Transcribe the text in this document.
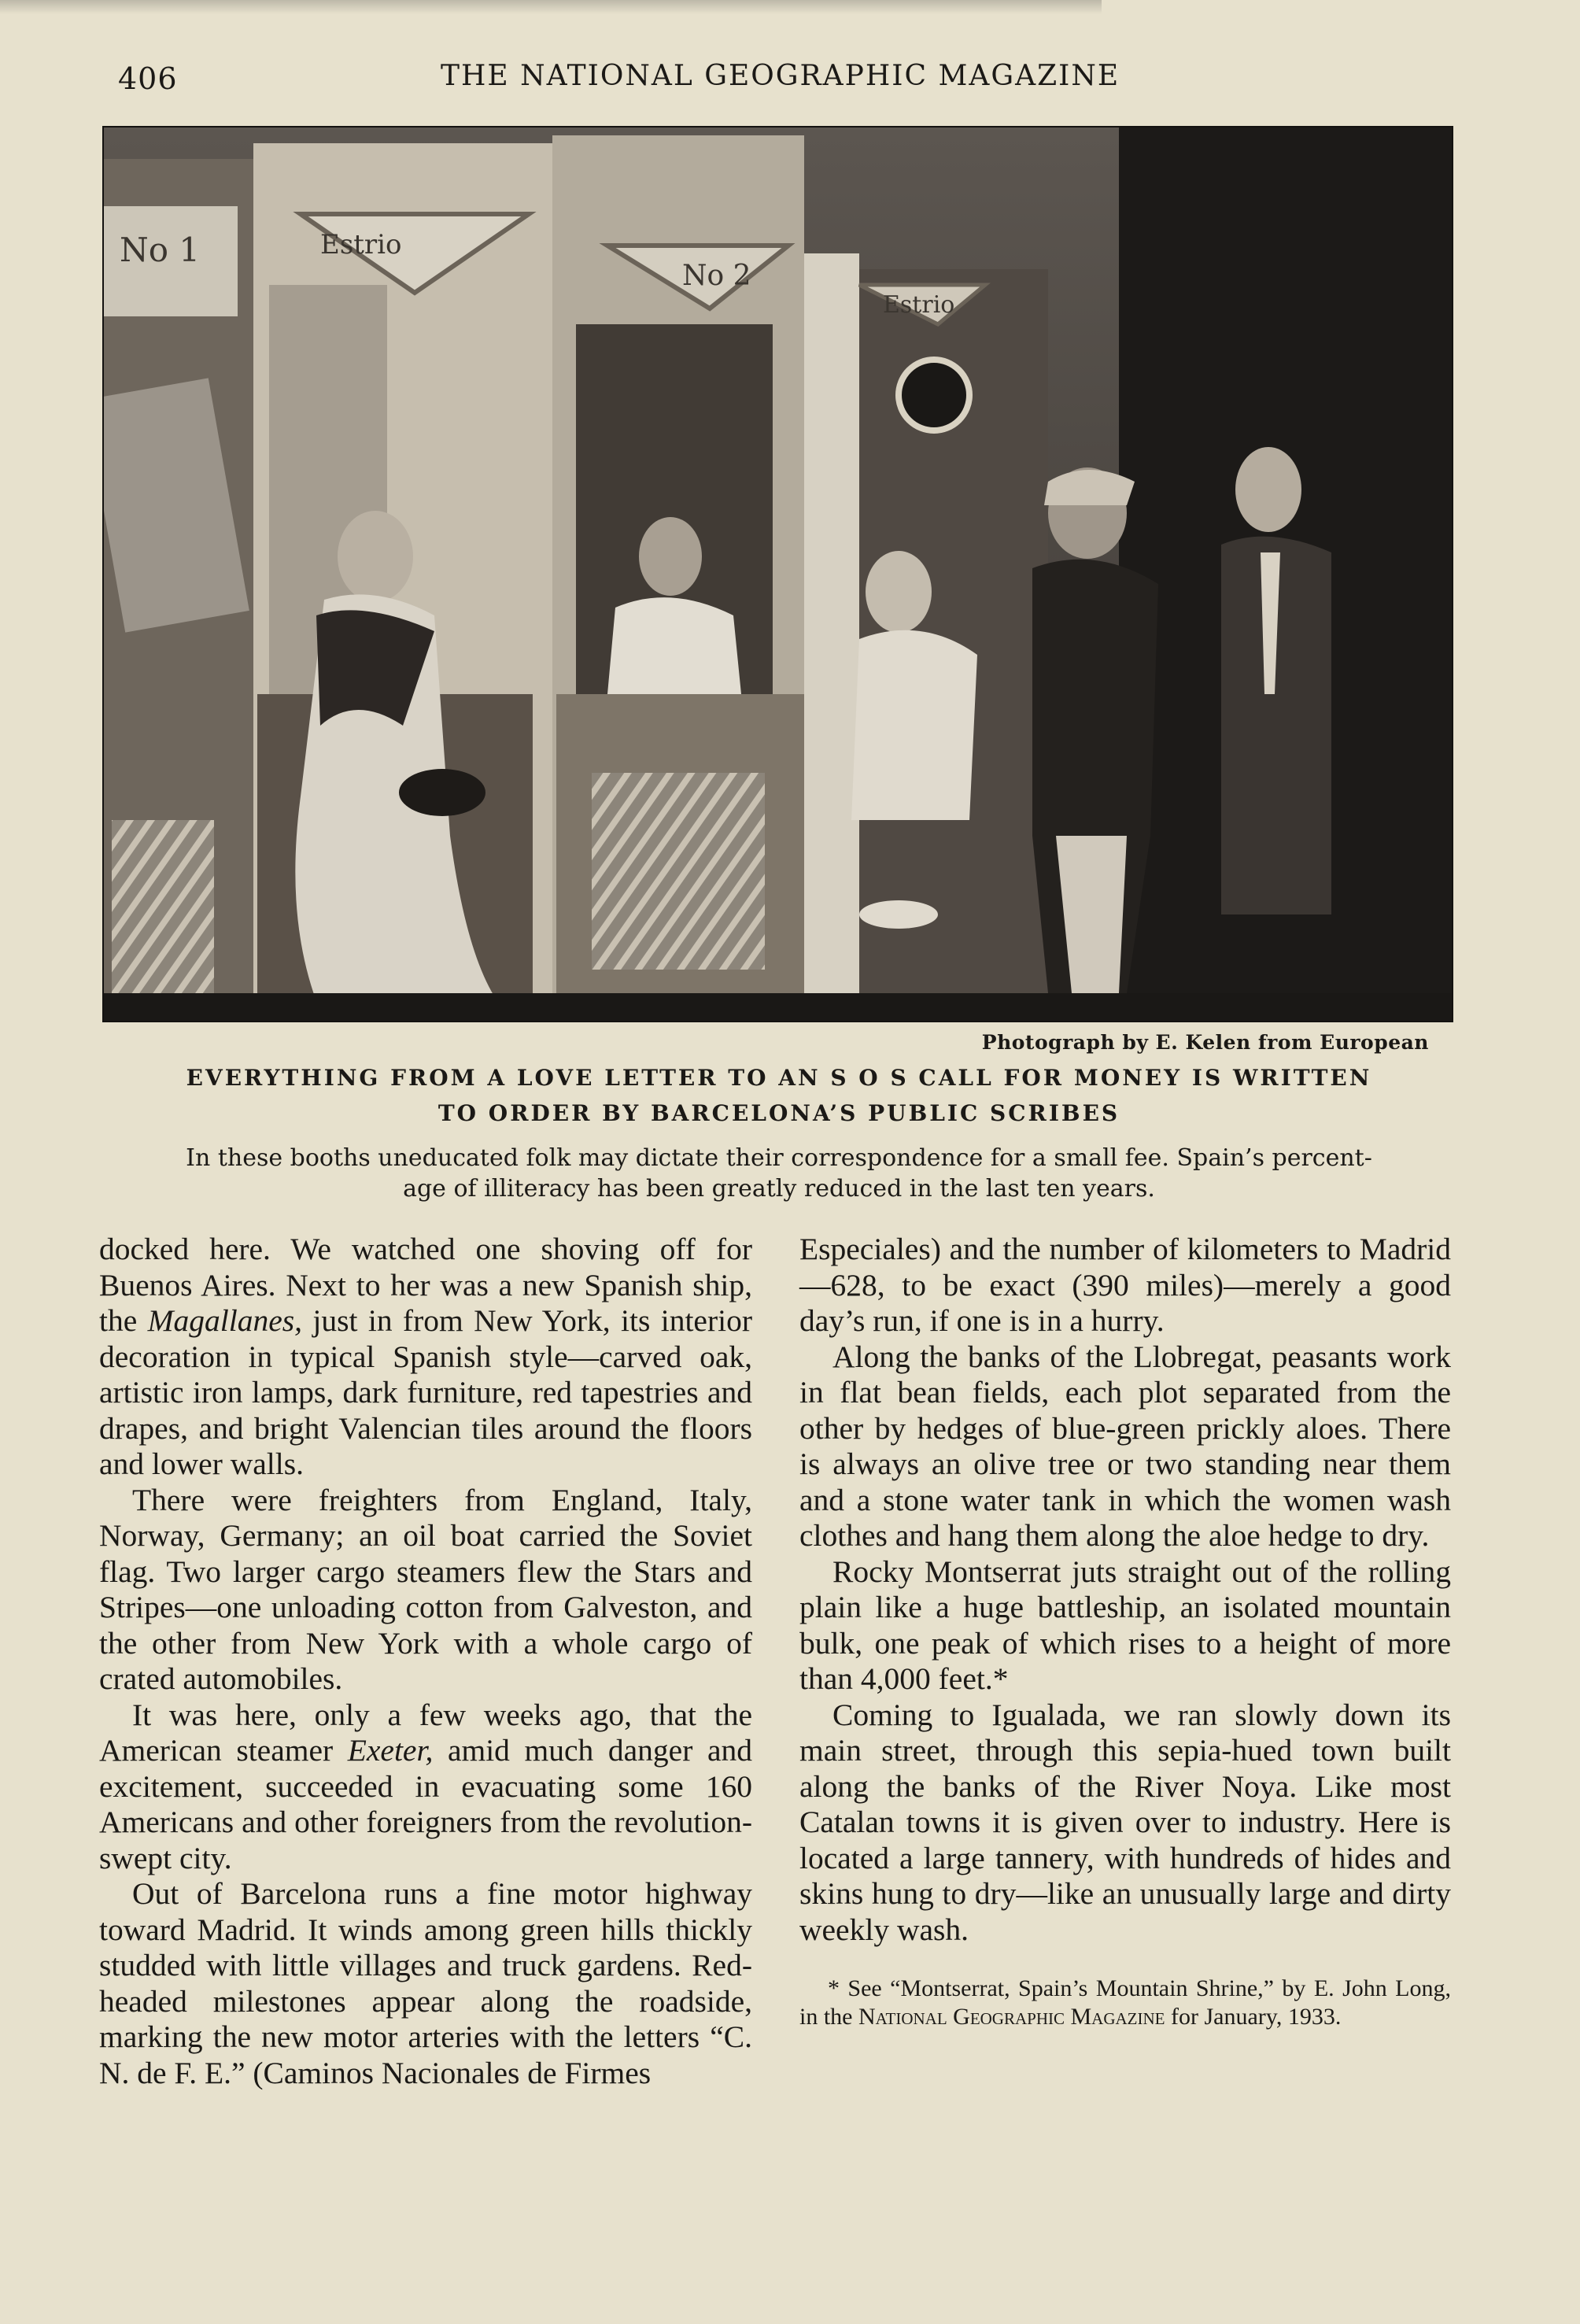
406	THE NATIONAL GEOGRAPHIC MAGAZINE
No 1	Estrio
No 2
Estrio
Photograph by E. Kelen from European
EVERYTHING FROM A LOVE LETTER TO AN S O S CALL FOR MONEY IS WRITTEN
TO ORDER BY BARCELONA’S PUBLIC SCRIBES
In these booths uneducated folk may dictate their correspondence for a small fee. Spain’s percent-
age of illiteracy has been greatly reduced in the last ten years.

docked here. We watched one shoving off for Buenos Aires. Next to her was a new Spanish ship, the Magallanes, just in from New York, its interior decoration in typical Spanish style—carved oak, artistic iron lamps, dark furniture, red tapestries and drapes, and bright Valencian tiles around the floors and lower walls.

There were freighters from England, Italy, Norway, Germany; an oil boat carried the Soviet flag. Two larger cargo steamers flew the Stars and Stripes—one unloading cotton from Galveston, and the other from New York with a whole cargo of crated automobiles.

It was here, only a few weeks ago, that the American steamer Exeter, amid much danger and excitement, succeeded in evacuating some 160 Americans and other foreigners from the revolution-swept city.

Out of Barcelona runs a fine motor highway toward Madrid. It winds among green hills thickly studded with little villages and truck gardens. Red-headed milestones appear along the roadside, marking the new motor arteries with the letters “C. N. de F. E.” (Caminos Nacionales de Firmes

Especiales) and the number of kilometers to Madrid—628, to be exact (390 miles)—merely a good day’s run, if one is in a hurry.

Along the banks of the Llobregat, peasants work in flat bean fields, each plot separated from the other by hedges of blue-green prickly aloes. There is always an olive tree or two standing near them and a stone water tank in which the women wash clothes and hang them along the aloe hedge to dry.

Rocky Montserrat juts straight out of the rolling plain like a huge battleship, an isolated mountain bulk, one peak of which rises to a height of more than 4,000 feet.*

Coming to Igualada, we ran slowly down its main street, through this sepia-hued town built along the banks of the River Noya. Like most Catalan towns it is given over to industry. Here is located a large tannery, with hundreds of hides and skins hung to dry—like an unusually large and dirty weekly wash.

* See “Montserrat, Spain’s Mountain Shrine,” by E. John Long, in the National Geographic Magazine for January, 1933.
